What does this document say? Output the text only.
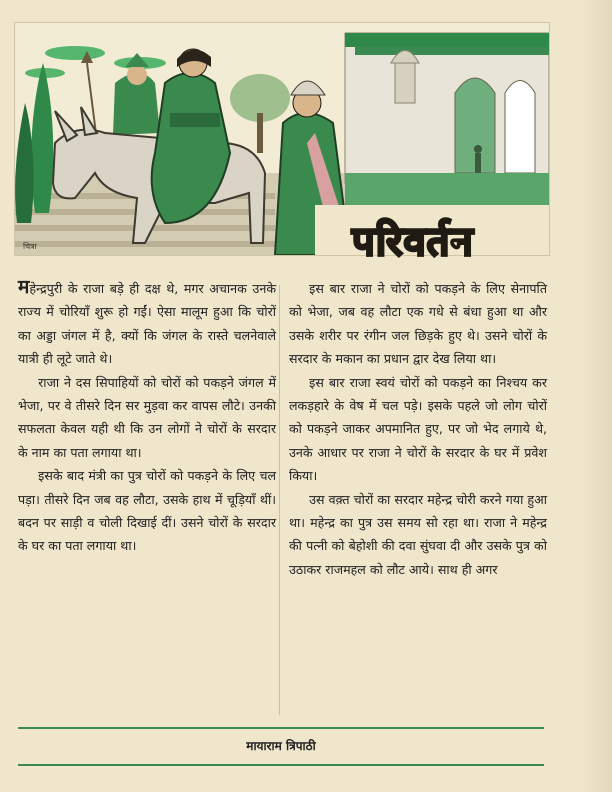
चित्रा	परिवर्तन

महेन्द्रपुरी के राजा बड़े ही दक्ष थे, मगर अचानक उनके राज्य में चोरियाँ शुरू हो गईं। ऐसा मालूम हुआ कि चोरों का अड्डा जंगल में है, क्यों कि जंगल के रास्ते चलनेवाले यात्री ही लूटे जाते थे।

राजा ने दस सिपाहियों को चोरों को पकड़ने जंगल में भेजा, पर वे तीसरे दिन सर मुड़वा कर वापस लौटे। उनकी सफलता केवल यही थी कि उन लोगों ने चोरों के सरदार के नाम का पता लगाया था।

इसके बाद मंत्री का पुत्र चोरों को पकड़ने के लिए चल पड़ा। तीसरे दिन जब वह लौटा, उसके हाथ में चूड़ियाँ थीं। बदन पर साड़ी व चोली दिखाई दीं। उसने चोरों के सरदार के घर का पता लगाया था।

इस बार राजा ने चोरों को पकड़ने के लिए सेनापति को भेजा, जब वह लौटा एक गधे से बंधा हुआ था और उसके शरीर पर रंगीन जल छिड़के हुए थे। उसने चोरों के सरदार के मकान का प्रधान द्वार देख लिया था।

इस बार राजा स्वयं चोरों को पकड़ने का निश्चय कर लकड़हारे के वेष में चल पड़े। इसके पहले जो लोग चोरों को पकड़ने जाकर अपमानित हुए, पर जो भेद लगाये थे, उनके आधार पर राजा ने चोरों के सरदार के घर में प्रवेश किया।

उस वक़्त चोरों का सरदार महेन्द्र चोरी करने गया हुआ था। महेन्द्र का पुत्र उस समय सो रहा था। राजा ने महेन्द्र की पत्नी को बेहोशी की दवा सुंघवा दी और उसके पुत्र को उठाकर राजमहल को लौट आये। साथ ही अगर

मायाराम त्रिपाठी
